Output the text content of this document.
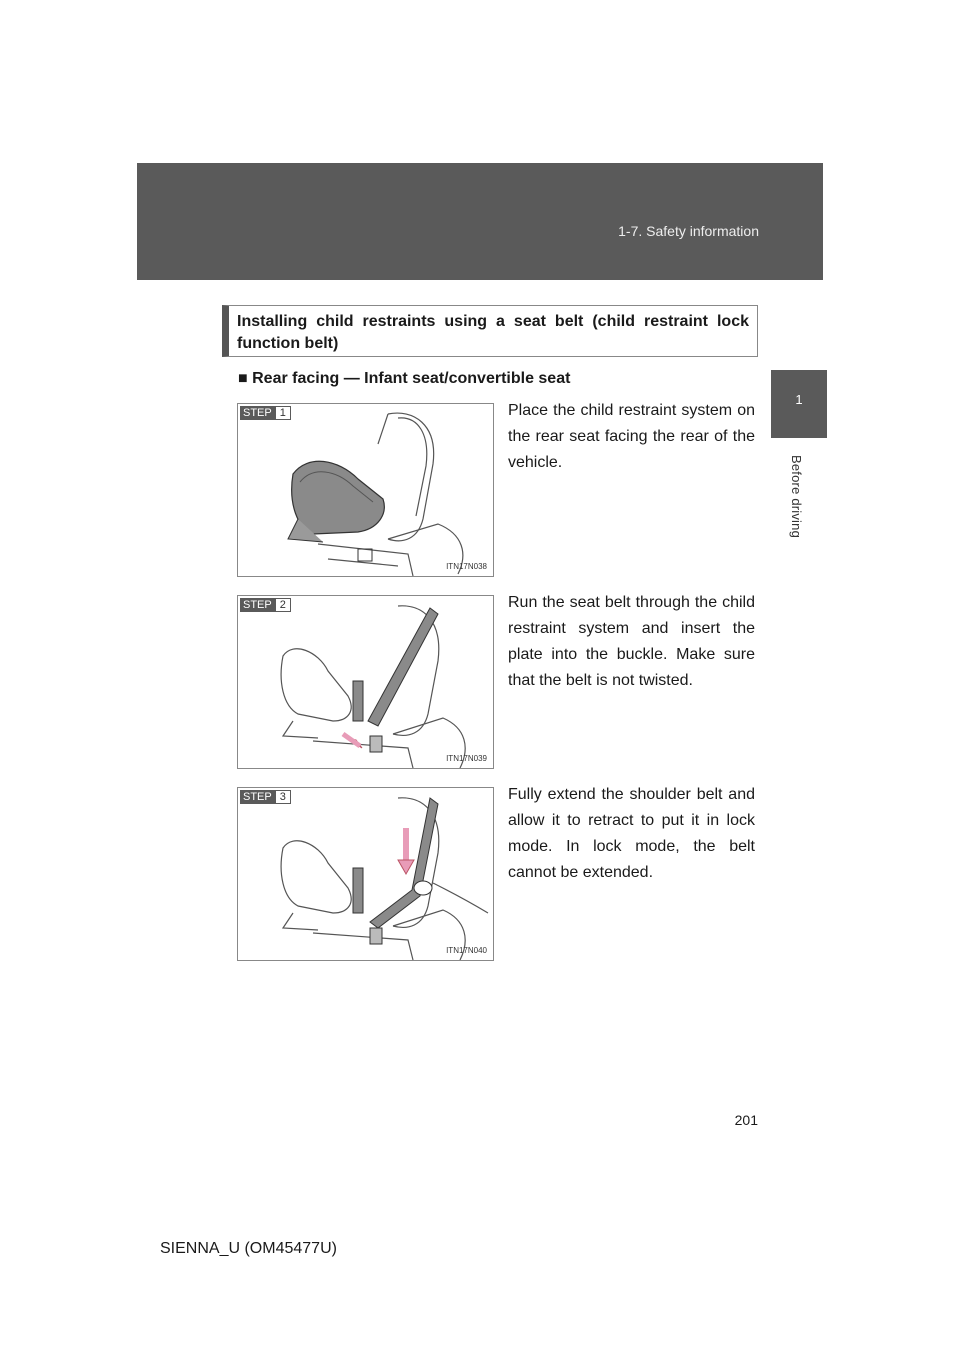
1-7. Safety information
1
Before driving
Installing child restraints using a seat belt (child restraint lock function belt)
■ Rear facing — Infant seat/convertible seat
STEP 1
ITN17N038
Place the child restraint system on the rear seat facing the rear of the vehicle.
STEP 2
ITN17N039
Run the seat belt through the child restraint system and insert the plate into the buckle. Make sure that the belt is not twisted.
STEP 3
ITN17N040
Fully extend the shoulder belt and allow it to retract to put it in lock mode. In lock mode, the belt cannot be extended.
201
SIENNA_U (OM45477U)
